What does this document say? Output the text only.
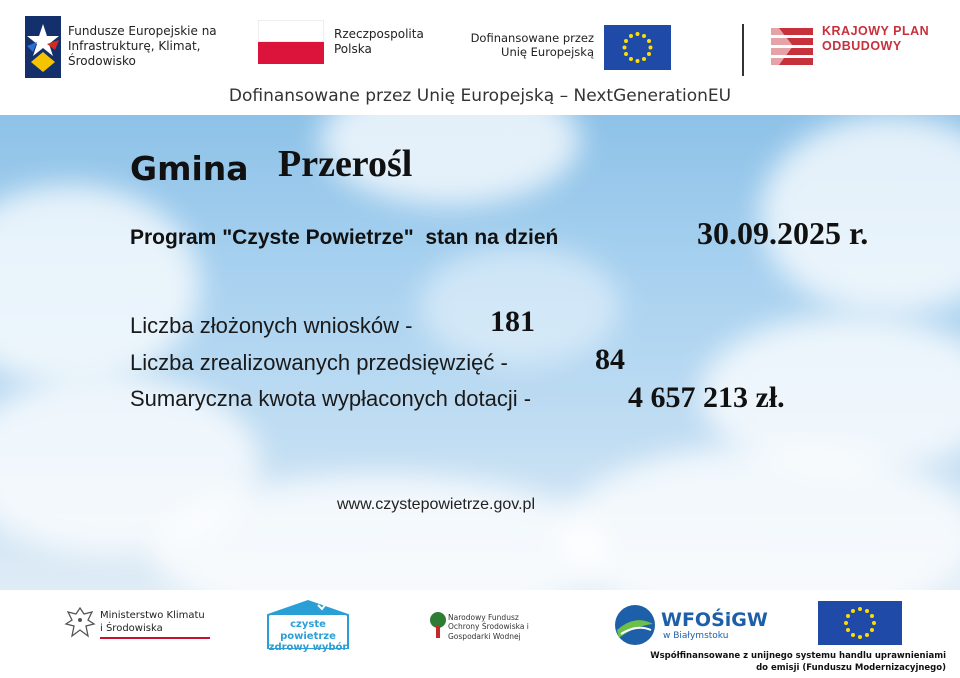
Fundusze Europejskie na Infrastrukturę, Klimat, Środowisko
Rzeczpospolita Polska
Dofinansowane przez Unię Europejską
KRAJOWY PLAN ODBUDOWY
Dofinansowane przez Unię Europejską – NextGenerationEU
Gmina Przerośl
Program "Czyste Powietrze"  stan na dzień	30.09.2025 r.
Liczba złożonych wniosków -	181
Liczba zrealizowanych przedsięwzięć -	84
Sumaryczna kwota wypłaconych dotacji -	4 657 213 zł.
www.czystepowietrze.gov.pl
Ministerstwo Klimatu i Środowiska	czyste powietrze zdrowy wybór
Narodowy Fundusz Ochrony Środowiska i Gospodarki Wodnej
WFOŚiGW
w Białymstoku
Współfinansowane z unijnego systemu handlu uprawnieniami do emisji (Funduszu Modernizacyjnego)
